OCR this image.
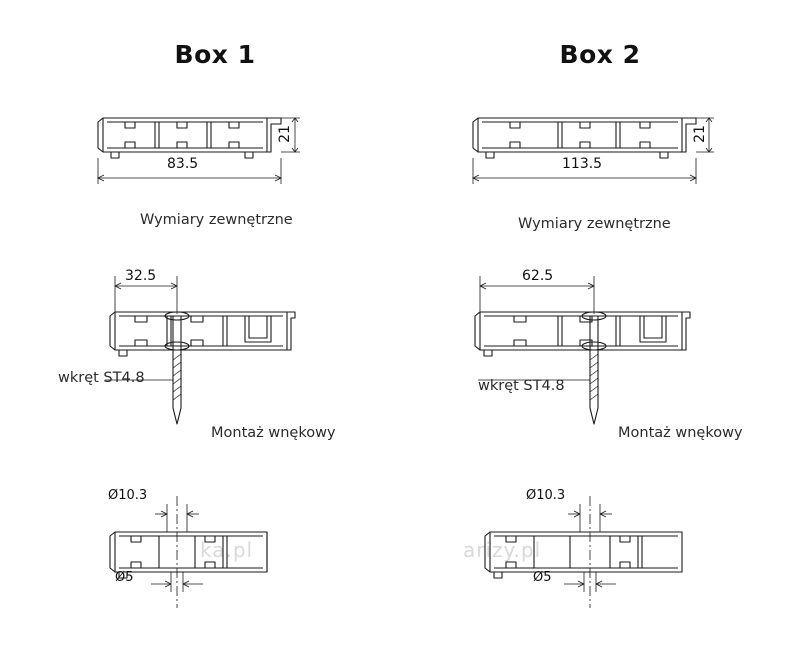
Box 1	Box 2
21
83.5
Wymiary zewnętrzne
21
113.5
Wymiary zewnętrzne
32.5
wkręt ST4.8
Montaż wnękowy
62.5
wkręt ST4.8
Montaż wnękowy
Ø10.3
Ø5
Ø10.3
Ø5
ka.pl	arizy.pl
